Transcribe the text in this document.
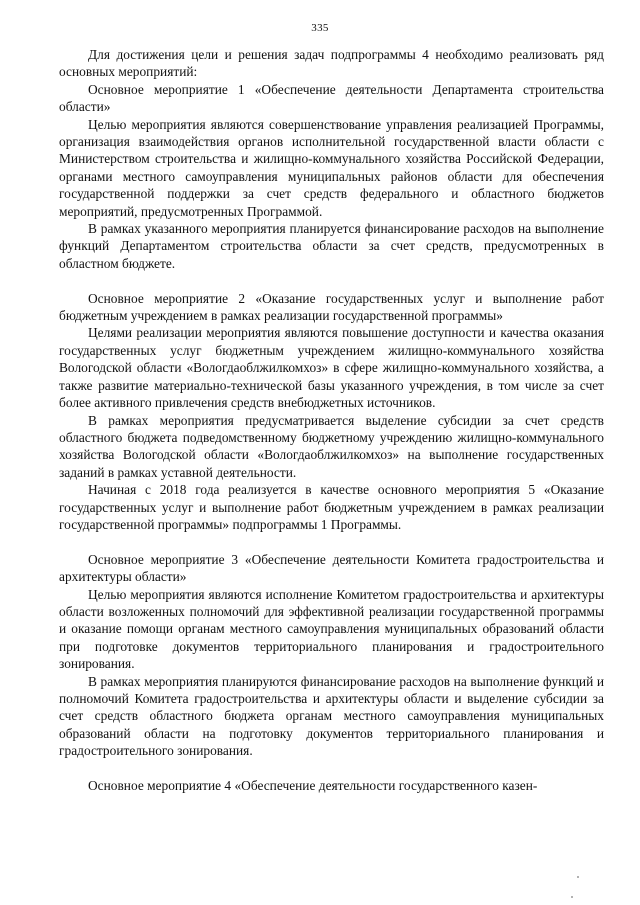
335

Для достижения цели и решения задач подпрограммы 4 необходимо реализовать ряд основных мероприятий:

Основное мероприятие 1 «Обеспечение деятельности Департамента строительства области»

Целью мероприятия являются совершенствование управления реализацией Программы, организация взаимодействия органов исполнительной государственной власти области с Министерством строительства и жилищно-коммунального хозяйства Российской Федерации, органами местного самоуправления муниципальных районов области для обеспечения государственной поддержки за счет средств федерального и областного бюджетов мероприятий, предусмотренных Программой.

В рамках указанного мероприятия планируется финансирование расходов на выполнение функций Департаментом строительства области за счет средств, предусмотренных в областном бюджете.

Основное мероприятие 2 «Оказание государственных услуг и выполнение работ бюджетным учреждением в рамках реализации государственной программы»

Целями реализации мероприятия являются повышение доступности и качества оказания государственных услуг бюджетным учреждением жилищно-коммунального хозяйства Вологодской области «Вологдаоблжилкомхоз» в сфере жилищно-коммунального хозяйства, а также развитие материально-технической базы указанного учреждения, в том числе за счет более активного привлечения средств внебюджетных источников.

В рамках мероприятия предусматривается выделение субсидии за счет средств областного бюджета подведомственному бюджетному учреждению жилищно-коммунального хозяйства Вологодской области «Вологдаоблжилкомхоз» на выполнение государственных заданий в рамках уставной деятельности.

Начиная с 2018 года реализуется в качестве основного мероприятия 5 «Оказание государственных услуг и выполнение работ бюджетным учреждением в рамках реализации государственной программы» подпрограммы 1 Программы.

Основное мероприятие 3 «Обеспечение деятельности Комитета градостроительства и архитектуры области»

Целью мероприятия являются исполнение Комитетом градостроительства и архитектуры области возложенных полномочий для эффективной реализации государственной программы и оказание помощи органам местного самоуправления муниципальных образований области при подготовке документов территориального планирования и градостроительного зонирования.

В рамках мероприятия планируются финансирование расходов на выполнение функций и полномочий Комитета градостроительства и архитектуры области и выделение субсидии за счет средств областного бюджета органам местного самоуправления муниципальных образований области на подготовку документов территориального планирования и градостроительного зонирования.

Основное мероприятие 4 «Обеспечение деятельности государственного казен-
